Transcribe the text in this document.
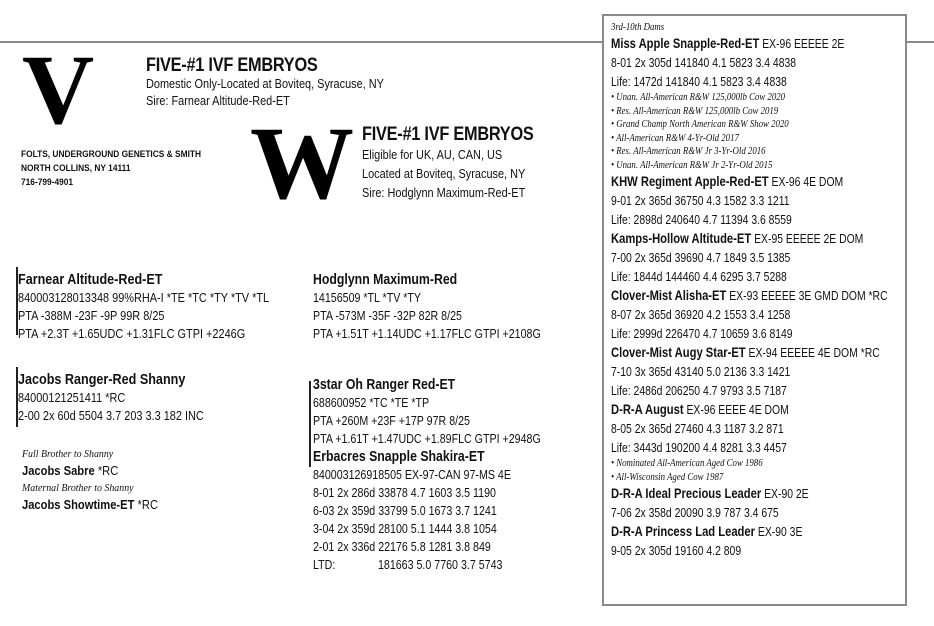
V	FIVE-#1 IVF EMBRYOS
Domestic Only-Located at Boviteq, Syracuse, NY
Sire: Farnear Altitude-Red-ET
FOLTS, UNDERGROUND GENETICS & SMITH
NORTH COLLINS, NY 14111
716-799-4901 W FIVE-#1 IVF EMBRYOS
Eligible for UK, AU, CAN, US
Located at Boviteq, Syracuse, NY
Sire: Hodglynn Maximum-Red-ET
Farnear Altitude-Red-ET
840003128013348 99%RHA-I *TE *TC *TY *TV *TL
PTA -388M -23F -9P 99R 8/25
PTA +2.3T +1.65UDC +1.31FLC GTPI +2246G
Jacobs Ranger-Red Shanny
84000121251411 *RC
2-00 2x 60d 5504 3.7 203 3.3 182 INC
Full Brother to Shanny
Jacobs Sabre *RC
Maternal Brother to Shanny
Jacobs Showtime-ET *RC
Hodglynn Maximum-Red
14156509 *TL *TV *TY
PTA -573M -35F -32P 82R 8/25
PTA +1.51T +1.14UDC +1.17FLC GTPI +2108G
3star Oh Ranger Red-ET
688600952 *TC *TE *TP
PTA +260M +23F +17P 97R 8/25
PTA +1.61T +1.47UDC +1.89FLC GTPI +2948G
Erbacres Snapple Shakira-ET
840003126918505 EX-97-CAN 97-MS 4E
8-01 2x 286d 33878 4.7 1603 3.5 1190
6-03 2x 359d 33799 5.0 1673 3.7 1241
3-04 2x 359d 28100 5.1 1444 3.8 1054
2-01 2x 336d 22176 5.8 1281 3.8 849
LTD:	181663 5.0 7760 3.7 5743
3rd-10th Dams
Miss Apple Snapple-Red-ET EX-96 EEEEE 2E
8-01 2x 305d 141840 4.1 5823 3.4 4838
Life: 1472d 141840 4.1 5823 3.4 4838
• Unan. All-American R&W 125,000lb Cow 2020
• Res. All-American R&W 125,000lb Cow 2019
• Grand Champ North American R&W Show 2020
• All-American R&W 4-Yr-Old 2017
• Res. All-American R&W Jr 3-Yr-Old 2016
• Unan. All-American R&W Jr 2-Yr-Old 2015
KHW Regiment Apple-Red-ET EX-96 4E DOM
9-01 2x 365d 36750 4.3 1582 3.3 1211
Life: 2898d 240640 4.7 11394 3.6 8559
Kamps-Hollow Altitude-ET EX-95 EEEEE 2E DOM
7-00 2x 365d 39690 4.7 1849 3.5 1385
Life: 1844d 144460 4.4 6295 3.7 5288
Clover-Mist Alisha-ET EX-93 EEEEE 3E GMD DOM *RC
8-07 2x 365d 36920 4.2 1553 3.4 1258
Life: 2999d 226470 4.7 10659 3.6 8149
Clover-Mist Augy Star-ET EX-94 EEEEE 4E DOM *RC
7-10 3x 365d 43140 5.0 2136 3.3 1421
Life: 2486d 206250 4.7 9793 3.5 7187
D-R-A August EX-96 EEEE 4E DOM
8-05 2x 365d 27460 4.3 1187 3.2 871
Life: 3443d 190200 4.4 8281 3.3 4457
• Nominated All-American Aged Cow 1986
• All-Wisconsin Aged Cow 1987
D-R-A Ideal Precious Leader EX-90 2E
7-06 2x 358d 20090 3.9 787 3.4 675
D-R-A Princess Lad Leader EX-90 3E
9-05 2x 305d 19160 4.2 809
